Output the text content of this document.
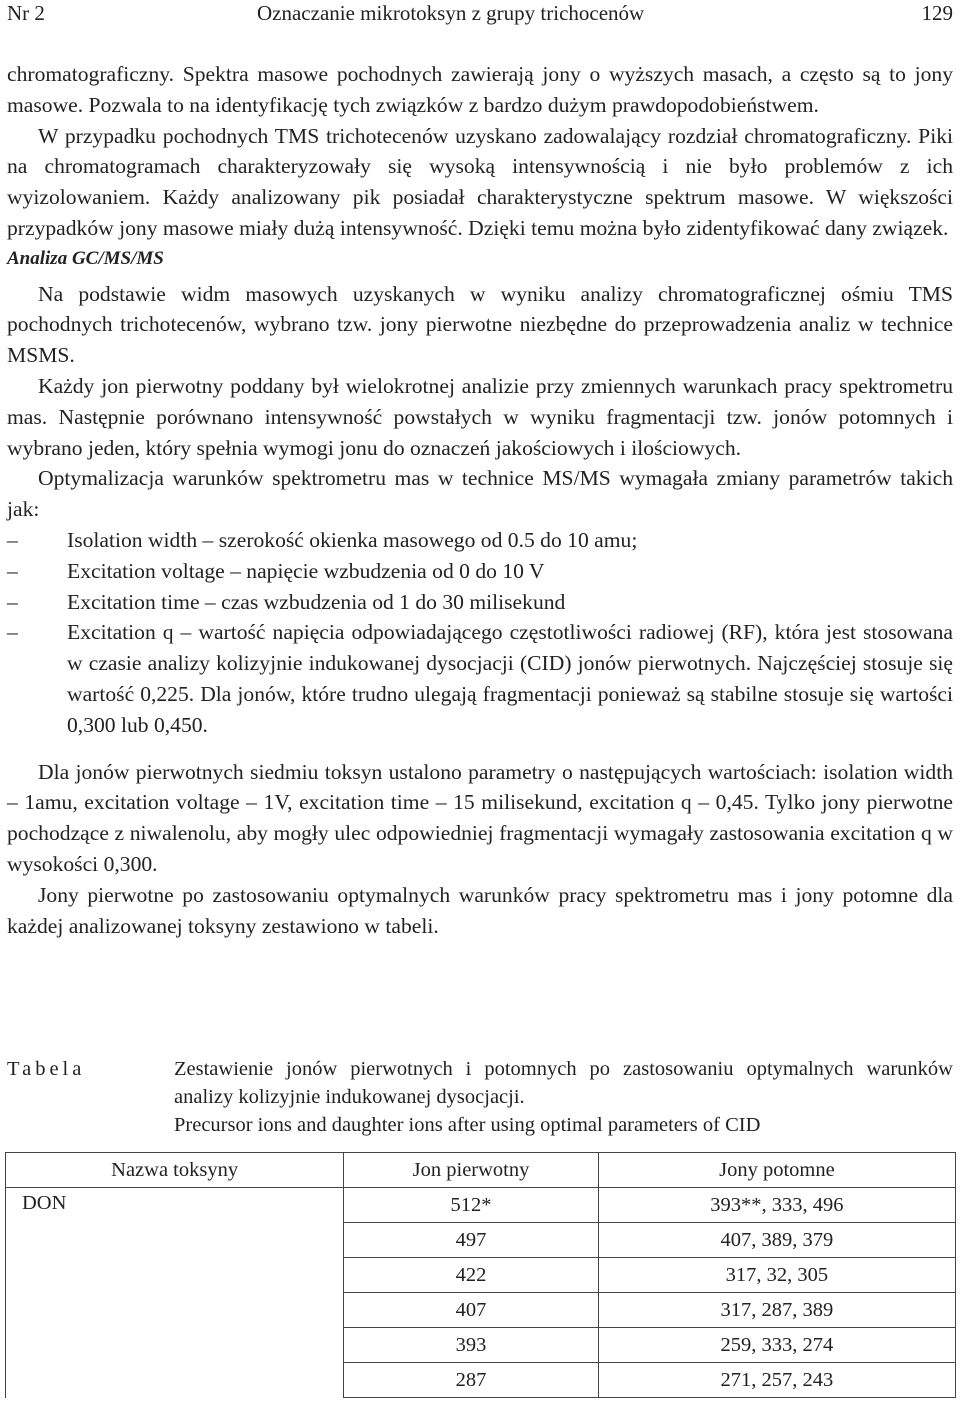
Nr 2	Oznaczanie mikrotoksyn z grupy trichocenów	129

chromatograficzny. Spektra masowe pochodnych zawierają jony o wyższych masach, a często są to jony masowe. Pozwala to na identyfikację tych związków z bardzo dużym prawdopodobieństwem.

W przypadku pochodnych TMS trichotecenów uzyskano zadowalający rozdział chromatograficzny. Piki na chromatogramach charakteryzowały się wysoką intensywnością i nie było problemów z ich wyizolowaniem. Każdy analizowany pik posiadał charakterystyczne spektrum masowe. W większości przypadków jony masowe miały dużą intensywność. Dzięki temu można było zidentyfikować dany związek.

Analiza GC/MS/MS

Na podstawie widm masowych uzyskanych w wyniku analizy chromatograficznej ośmiu TMS pochodnych trichotecenów, wybrano tzw. jony pierwotne niezbędne do przeprowadzenia analiz w technice MSMS.

Każdy jon pierwotny poddany był wielokrotnej analizie przy zmiennych warunkach pracy spektrometru mas. Następnie porównano intensywność powstałych w wyniku fragmentacji tzw. jonów potomnych i wybrano jeden, który spełnia wymogi jonu do oznaczeń jakościowych i ilościowych.

Optymalizacja warunków spektrometru mas w technice MS/MS wymagała zmiany parametrów takich jak:

– Isolation width – szerokość okienka masowego od 0.5 do 10 amu;
– Excitation voltage – napięcie wzbudzenia od 0 do 10 V
– Excitation time – czas wzbudzenia od 1 do 30 milisekund
– Excitation q – wartość napięcia odpowiadającego częstotliwości radiowej (RF), która jest stosowana w czasie analizy kolizyjnie indukowanej dysocjacji (CID) jonów pierwotnych. Najczęściej stosuje się wartość 0,225. Dla jonów, które trudno ulegają fragmentacji ponieważ są stabilne stosuje się wartości 0,300 lub 0,450.

Dla jonów pierwotnych siedmiu toksyn ustalono parametry o następujących wartościach: isolation width – 1amu, excitation voltage – 1V, excitation time – 15 milisekund, excitation q – 0,45. Tylko jony pierwotne pochodzące z niwalenolu, aby mogły ulec odpowiedniej fragmentacji wymagały zastosowania excitation q w wysokości 0,300.

Jony pierwotne po zastosowaniu optymalnych warunków pracy spektrometru mas i jony potomne dla każdej analizowanej toksyny zestawiono w tabeli.

Tabela	Zestawienie jonów pierwotnych i potomnych po zastosowaniu optymalnych warunków analizy kolizyjnie indukowanej dysocjacji.

Precursor ions and daughter ions after using optimal parameters of CID
Nazwa toksyny	Jon pierwotny	Jony potomne
DON	512*	393**, 333, 496
	497	407, 389, 379
	422	317, 32, 305
	407	317, 287, 389
	393	259, 333, 274
	287	271, 257, 243
